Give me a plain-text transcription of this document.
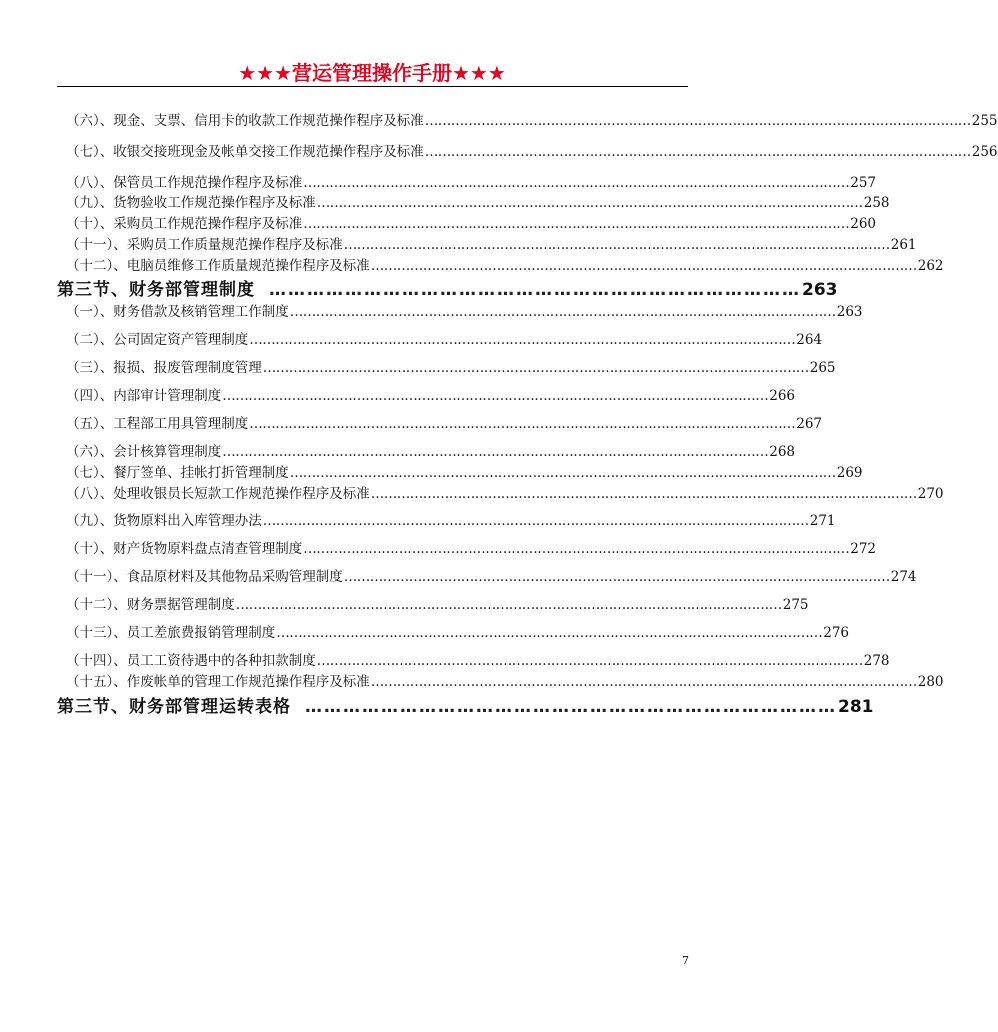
★★★营运管理操作手册★★★
（六）、现金、支票、信用卡的收款工作规范操作程序及标准 ……………………………………………………………………………………………………………… 255
（七）、收银交接班现金及帐单交接工作规范操作程序及标准 ……………………………………………………………………………………………………………… 256
（八）、保管员工作规范操作程序及标准 ……………………………………………………………………………………………………………… 257
（九）、货物验收工作规范操作程序及标准 ……………………………………………………………………………………………………………… 258
（十）、采购员工作规范操作程序及标准 ……………………………………………………………………………………………………………… 260
（十一）、采购员工作质量规范操作程序及标准 ……………………………………………………………………………………………………………… 261
（十二）、电脑员维修工作质量规范操作程序及标准 ……………………………………………………………………………………………………………… 262
第三节、财务部管理制度 ………………………………………………………………………… 263
（一）、财务借款及核销管理工作制度 ……………………………………………………………………………………………………………… 263
（二）、公司固定资产管理制度 ……………………………………………………………………………………………………………… 264
（三）、报损、报废管理制度管理 ……………………………………………………………………………………………………………… 265
（四）、内部审计管理制度 ……………………………………………………………………………………………………………… 266
（五）、工程部工用具管理制度 ……………………………………………………………………………………………………………… 267
（六）、会计核算管理制度 ……………………………………………………………………………………………………………… 268
（七）、餐厅签单、挂帐打折管理制度 ……………………………………………………………………………………………………………… 269
（八）、处理收银员长短款工作规范操作程序及标准 ……………………………………………………………………………………………………………… 270
（九）、货物原料出入库管理办法 ……………………………………………………………………………………………………………… 271
（十）、财产货物原料盘点清查管理制度 ……………………………………………………………………………………………………………… 272
（十一）、食品原材料及其他物品采购管理制度 ……………………………………………………………………………………………………………… 274
（十二）、财务票据管理制度 ……………………………………………………………………………………………………………… 275
（十三）、员工差旅费报销管理制度 ……………………………………………………………………………………………………………… 276
（十四）、员工工资待遇中的各种扣款制度 ……………………………………………………………………………………………………………… 278
（十五）、作废帐单的管理工作规范操作程序及标准 ……………………………………………………………………………………………………………… 280
第三节、财务部管理运转表格 ………………………………………………………………………… 281
7
